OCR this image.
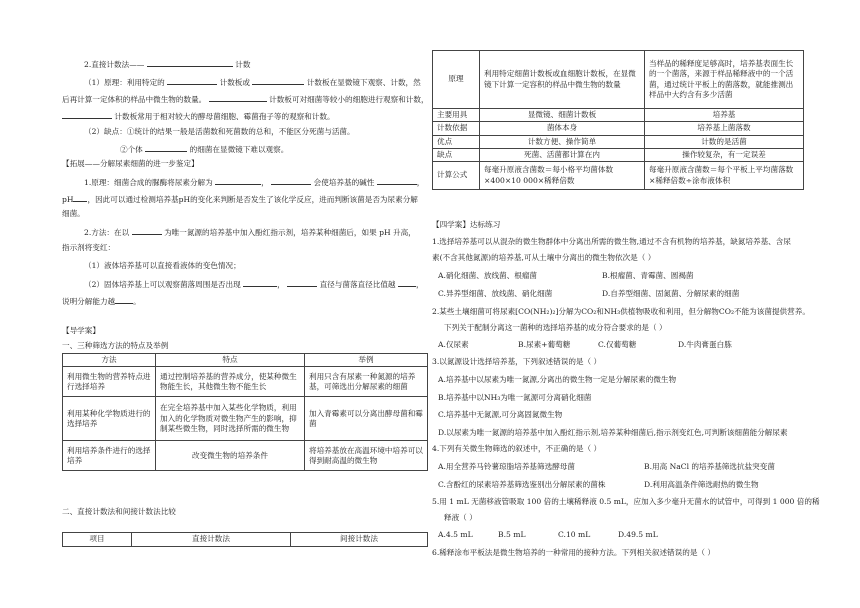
2.直接计数法——	计数

（1）原理：利用特定的	计数板或	计数板在显微镜下观察、计数，然

后再计算一定体积的样品中微生物的数量。	计数板可对细菌等较小的细胞进行观察和计数，

计数板常用于相对较大的酵母菌细胞、霉菌孢子等的观察和计数。

（2）缺点：①统计的结果一般是活菌数和死菌数的总和，不能区分死菌与活菌。

②个体	的细菌在显微镜下难以观察。

【拓展——分解尿素细菌的进一步鉴定】

1.原理：细菌合成的脲酶将尿素分解为	，	会使培养基的碱性	，

pH ，因此可以通过检测培养基pH的变化来判断是否发生了该化学反应，进而判断该菌是否为尿素分解

细菌。

2.方法：在以	为唯一氮源的培养基中加入酚红指示剂，培养某种细菌后，如果 pH 升高，

指示剂将变红：

（1）液体培养基可以直接看液体的变色情况；

（2）固体培养基上可以观察菌落周围是否出现	，	直径与菌落直径比值越	，

说明分解能力越 。

【导学案】

一、三种筛选方法的特点及举例

方法	特点	举例
利用微生物的营养特点进行选择培养	通过控制培养基的营养成分，使某种微生物能生长，其他微生物不能生长	利用只含有尿素一种氮源的培养基，可筛选出分解尿素的细菌
利用某种化学物质进行的选择培养	在完全培养基中加入某些化学物质，利用加入的化学物质对微生物产生的影响，抑制某些微生物，同时选择所需的微生物	加入青霉素可以分离出酵母菌和霉菌
利用培养条件进行的选择培养	改变微生物的培养条件	将培养基放在高温环境中培养可以得到耐高温的微生物

二、直接计数法和间接计数法比较

项目	直接计数法	间接计数法
原理	利用特定细菌计数板或血细胞计数板，在显微镜下计算一定容积的样品中微生物的数量	当样品的稀释度足够高时，培养基表面生长的一个菌落，来源于样品稀释液中的一个活菌，通过统计平板上的菌落数，就能推测出样品中大约含有多少活菌
主要用具	显微镜、细菌计数板	培养基
计数依据	菌体本身	培养基上菌落数
优点	计数方便、操作简单	计数的是活菌
缺点	死菌、活菌都计算在内	操作较复杂，有一定误差
计算公式	每毫升原液含菌数＝每小格平均菌体数×400×10 000×稀释倍数	每毫升原液含菌数＝每个平板上平均菌落数×稀释倍数÷涂布液体积

【四学案】达标练习

1.选择培养基可以从混杂的微生物群体中分离出所需的微生物,通过不含有机物的培养基，缺氮培养基、含尿

素(不含其他氮源)的培养基,可从土壤中分离出的微生物依次是（ ）

A.硝化细菌、放线菌、根瘤菌	B.根瘤菌、青霉菌、圆褐菌

C.异养型细菌、放线菌、硝化细菌	D.自养型细菌、固氮菌、分解尿素的细菌

2.某些土壤细菌可将尿素[CO(NH₂)₂]分解为CO₂和NH₃供植物吸收和利用，但分解物CO₂不能为该菌提供营养。

下列关于配制分离这一菌种的选择培养基的成分符合要求的是（ ）

A.仅尿素	B.尿素+葡萄糖	C.仅葡萄糖	D.牛肉膏蛋白胨

3.以氮源设计选择培养基，下列叙述错误的是（ ）

A.培养基中以尿素为唯一氮源,分离出的微生物一定是分解尿素的微生物

B.培养基中以NH₃为唯一氮源可分离硝化细菌

C.培养基中无氮源,可分离固氮微生物

D.以尿素为唯一氮源的培养基中加入酚红指示剂,培养某种细菌后,指示剂变红色,可判断该细菌能分解尿素

4.下列有关微生物筛选的叙述中，不正确的是（ ）

A.用全营养马铃薯琼脂培养基筛选酵母菌	B.用高 NaCl 的培养基筛选抗盐突变菌

C.含酚红的尿素培养基筛选鉴别出分解尿素的菌株	D.利用高温条件筛选耐热的微生物

5.用 1 mL 无菌移液管吸取 100 倍的土壤稀释液 0.5 mL，应加入多少毫升无菌水的试管中，可得到 1 000 倍的稀

释液（ ）

A.4.5 mL	B.5 mL	C.10 mL	D.49.5 mL

6.稀释涂布平板法是微生物培养的一种常用的接种方法。下列相关叙述错误的是（ ）
